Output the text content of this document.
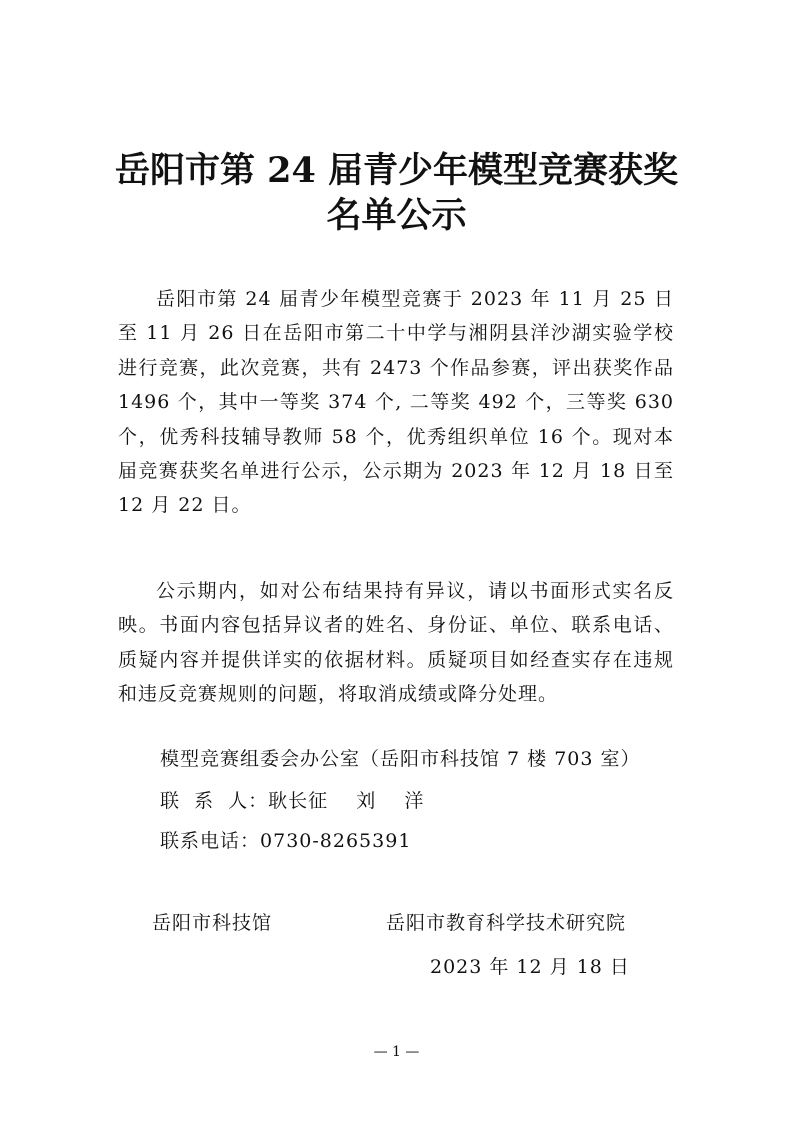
岳阳市第 24 届青少年模型竞赛获奖
名单公示

岳阳市第 24 届青少年模型竞赛于 2023 年 11 月 25 日至 11 月 26 日在岳阳市第二十中学与湘阴县洋沙湖实验学校进行竞赛，此次竞赛，共有 2473 个作品参赛，评出获奖作品 1496 个，其中一等奖 374 个, 二等奖 492 个，三等奖 630 个，优秀科技辅导教师 58 个，优秀组织单位 16 个。现对本届竞赛获奖名单进行公示，公示期为 2023 年 12 月 18 日至 12 月 22 日。

公示期内，如对公布结果持有异议，请以书面形式实名反映。书面内容包括异议者的姓名、身份证、单位、联系电话、质疑内容并提供详实的依据材料。质疑项目如经查实存在违规和违反竞赛规则的问题，将取消成绩或降分处理。

模型竞赛组委会办公室（岳阳市科技馆 7 楼 703 室）
联  系  人：耿长征 刘    洋
联系电话：0730-8265391
岳阳市科技馆	岳阳市教育科学技术研究院
2023 年 12 月 18 日
— 1 —
